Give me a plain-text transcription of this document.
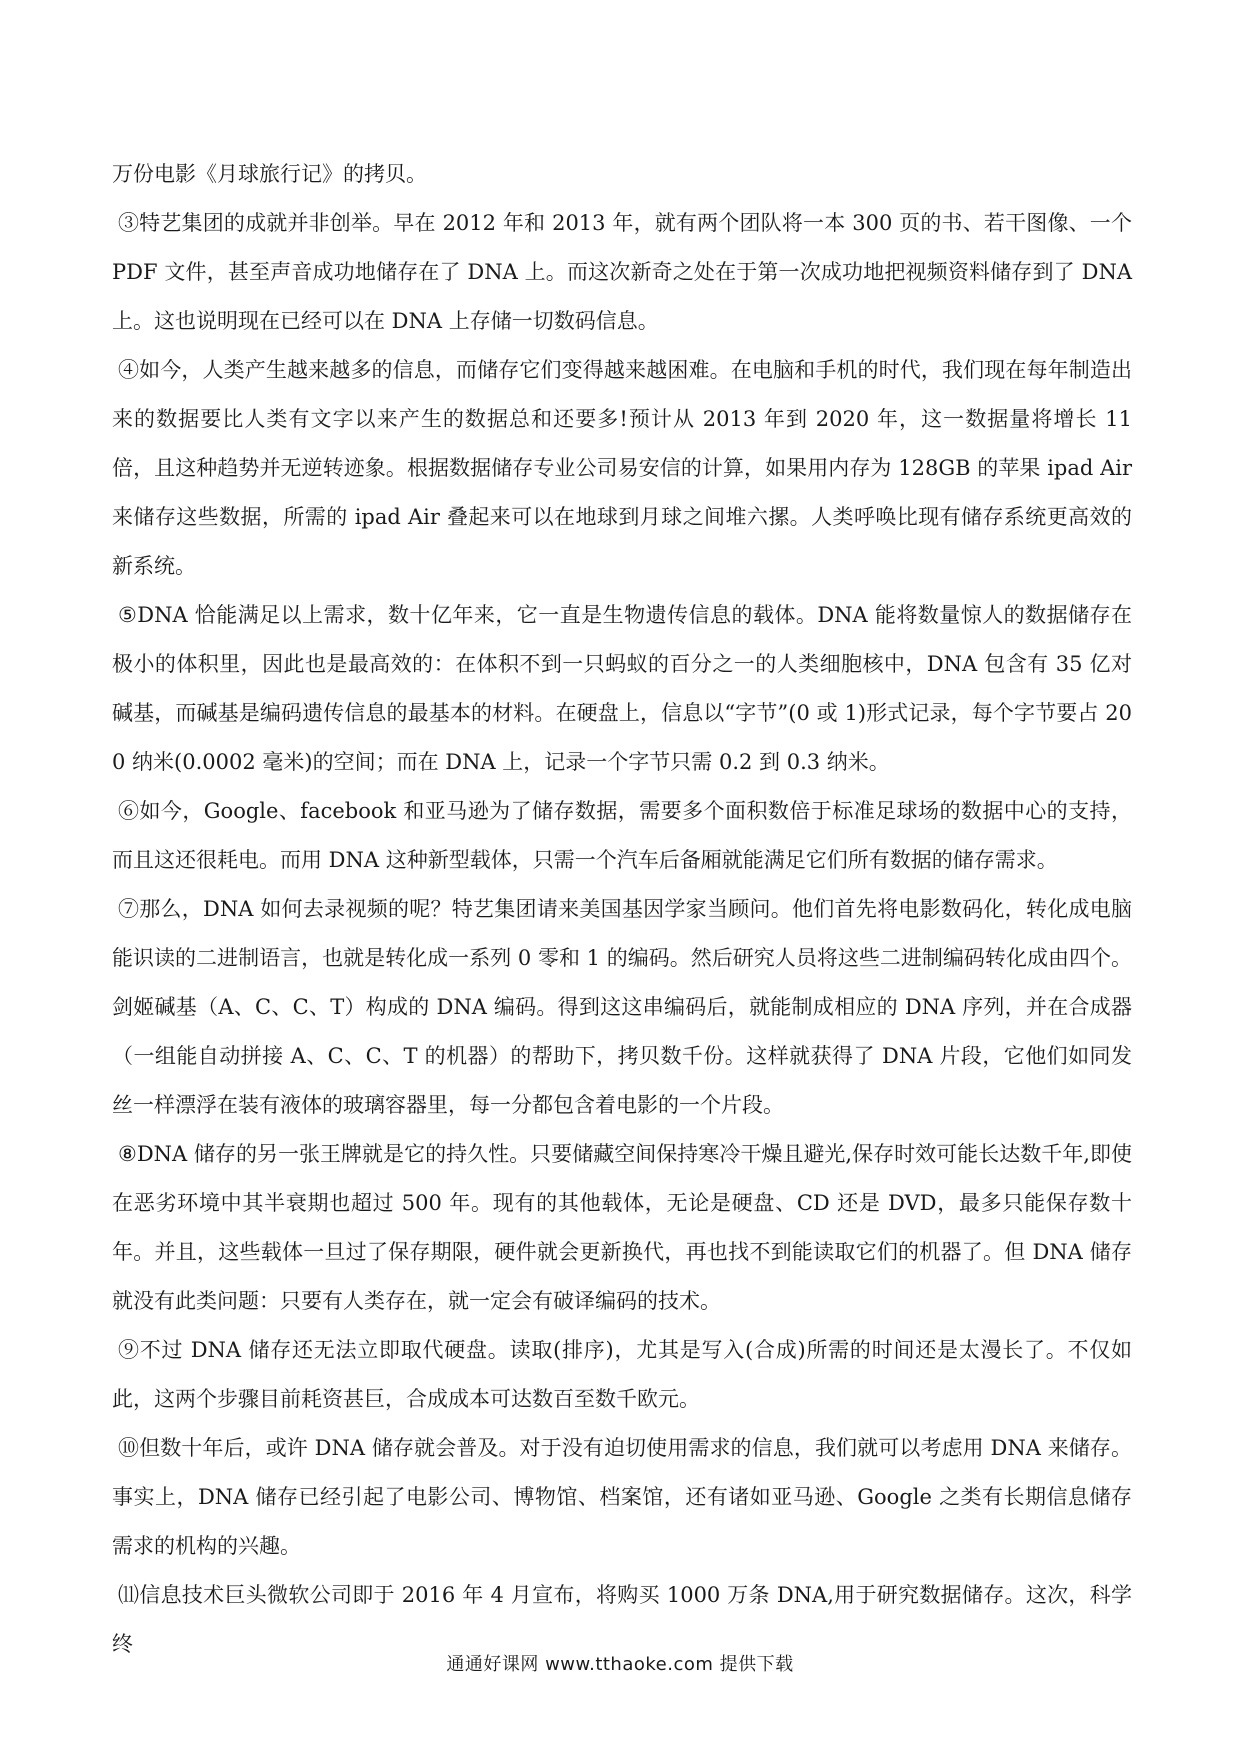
万份电影《月球旅行记》的拷贝。

③特艺集团的成就并非创举。早在 2012 年和 2013 年，就有两个团队将一本 300 页的书、若干图像、一个 PDF 文件，甚至声音成功地储存在了 DNA 上。而这次新奇之处在于第一次成功地把视频资料储存到了 DNA 上。这也说明现在已经可以在 DNA 上存储一切数码信息。

④如今，人类产生越来越多的信息，而储存它们变得越来越困难。在电脑和手机的时代，我们现在每年制造出来的数据要比人类有文字以来产生的数据总和还要多!预计从 2013 年到 2020 年，这一数据量将增长 11 倍，且这种趋势并无逆转迹象。根据数据储存专业公司易安信的计算，如果用内存为 128GB 的苹果 ipad Air 来储存这些数据，所需的 ipad Air 叠起来可以在地球到月球之间堆六摞。人类呼唤比现有储存系统更高效的新系统。

⑤DNA 恰能满足以上需求，数十亿年来，它一直是生物遗传信息的载体。DNA 能将数量惊人的数据储存在极小的体积里，因此也是最高效的：在体积不到一只蚂蚁的百分之一的人类细胞核中，DNA 包含有 35 亿对碱基，而碱基是编码遗传信息的最基本的材料。在硬盘上，信息以“字节”(0 或 1)形式记录，每个字节要占 200 纳米(0.0002 毫米)的空间；而在 DNA 上，记录一个字节只需 0.2 到 0.3 纳米。

⑥如今，Google、facebook 和亚马逊为了储存数据，需要多个面积数倍于标准足球场的数据中心的支持，而且这还很耗电。而用 DNA 这种新型载体，只需一个汽车后备厢就能满足它们所有数据的储存需求。

⑦那么，DNA 如何去录视频的呢？特艺集团请来美国基因学家当顾问。他们首先将电影数码化，转化成电脑能识读的二进制语言，也就是转化成一系列 0 零和 1 的编码。然后研究人员将这些二进制编码转化成由四个。剑姬碱基（A、C、C、T）构成的 DNA 编码。得到这这串编码后，就能制成相应的 DNA 序列，并在合成器（一组能自动拼接 A、C、C、T 的机器）的帮助下，拷贝数千份。这样就获得了 DNA 片段，它他们如同发丝一样漂浮在装有液体的玻璃容器里，每一分都包含着电影的一个片段。

⑧DNA 储存的另一张王牌就是它的持久性。只要储藏空间保持寒冷干燥且避光,保存时效可能长达数千年,即使在恶劣环境中其半衰期也超过 500 年。现有的其他载体，无论是硬盘、CD 还是 DVD，最多只能保存数十年。并且，这些载体一旦过了保存期限，硬件就会更新换代，再也找不到能读取它们的机器了。但 DNA 储存就没有此类问题：只要有人类存在，就一定会有破译编码的技术。

⑨不过 DNA 储存还无法立即取代硬盘。读取(排序)，尤其是写入(合成)所需的时间还是太漫长了。不仅如此，这两个步骤目前耗资甚巨，合成成本可达数百至数千欧元。

⑩但数十年后，或许 DNA 储存就会普及。对于没有迫切使用需求的信息，我们就可以考虑用 DNA 来储存。事实上，DNA 储存已经引起了电影公司、博物馆、档案馆，还有诸如亚马逊、Google 之类有长期信息储存需求的机构的兴趣。

⑾信息技术巨头微软公司即于 2016 年 4 月宣布，将购买 1000 万条 DNA,用于研究数据储存。这次，科学终

通通好课网 www.tthaoke.com 提供下载
